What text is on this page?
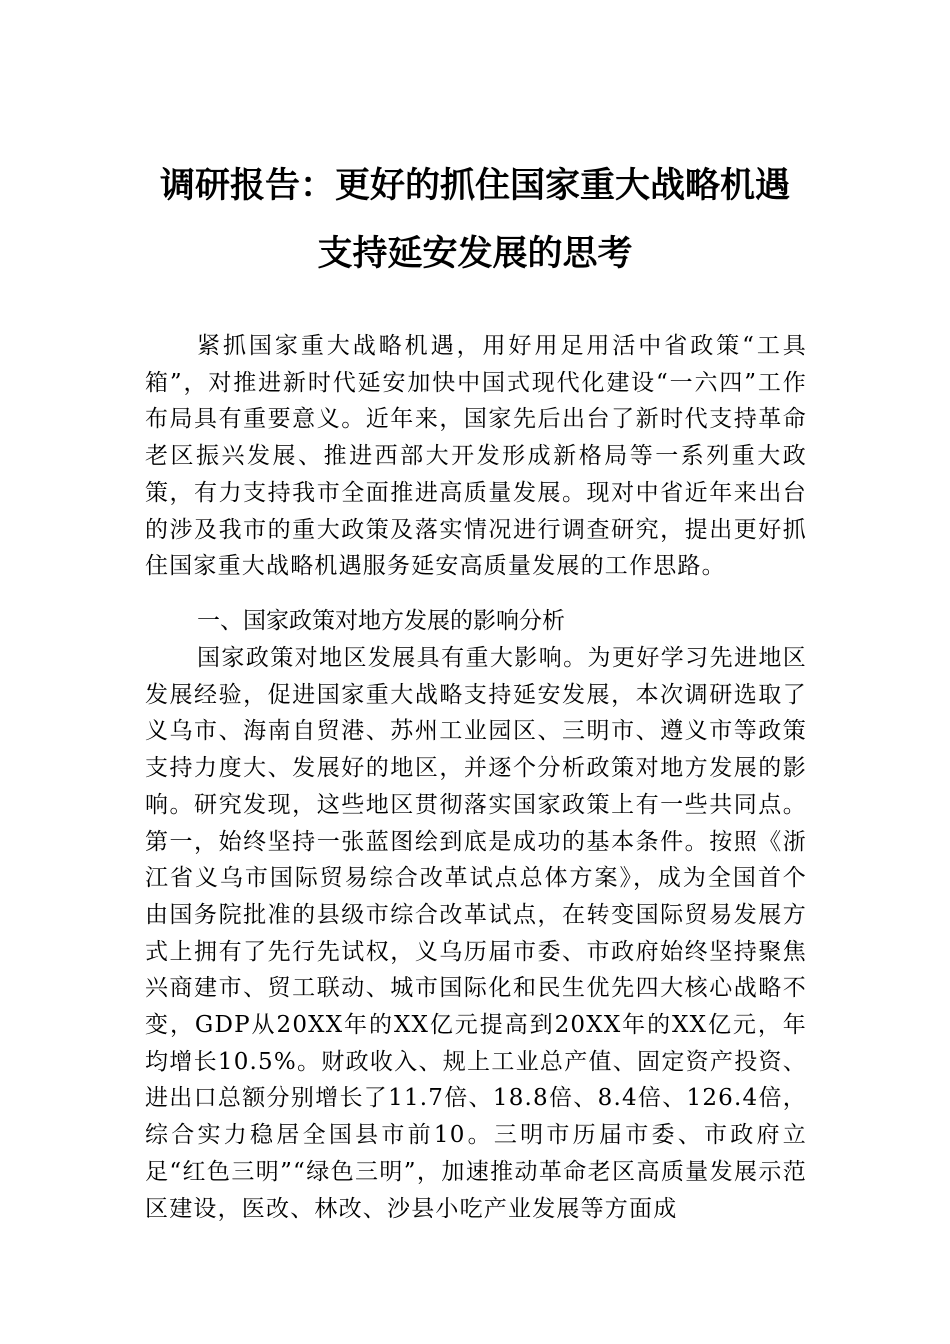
调研报告：更好的抓住国家重大战略机遇
支持延安发展的思考

紧抓国家重大战略机遇，用好用足用活中省政策“工具箱”，对推进新时代延安加快中国式现代化建设“一六四”工作布局具有重要意义。近年来，国家先后出台了新时代支持革命老区振兴发展、推进西部大开发形成新格局等一系列重大政策，有力支持我市全面推进高质量发展。现对中省近年来出台的涉及我市的重大政策及落实情况进行调查研究，提出更好抓住国家重大战略机遇服务延安高质量发展的工作思路。

一、国家政策对地方发展的影响分析

国家政策对地区发展具有重大影响。为更好学习先进地区发展经验，促进国家重大战略支持延安发展，本次调研选取了义乌市、海南自贸港、苏州工业园区、三明市、遵义市等政策支持力度大、发展好的地区，并逐个分析政策对地方发展的影响。研究发现，这些地区贯彻落实国家政策上有一些共同点。第一，始终坚持一张蓝图绘到底是成功的基本条件。按照《浙江省义乌市国际贸易综合改革试点总体方案》，成为全国首个由国务院批准的县级市综合改革试点，在转变国际贸易发展方式上拥有了先行先试权，义乌历届市委、市政府始终坚持聚焦兴商建市、贸工联动、城市国际化和民生优先四大核心战略不变，GDP从20XX年的XX亿元提高到20XX年的XX亿元，年均增长10.5%。财政收入、规上工业总产值、固定资产投资、进出口总额分别增长了11.7倍、18.8倍、8.4倍、126.4倍，综合实力稳居全国县市前10。三明市历届市委、市政府立足“红色三明”“绿色三明”，加速推动革命老区高质量发展示范区建设，医改、林改、沙县小吃产业发展等方面成
